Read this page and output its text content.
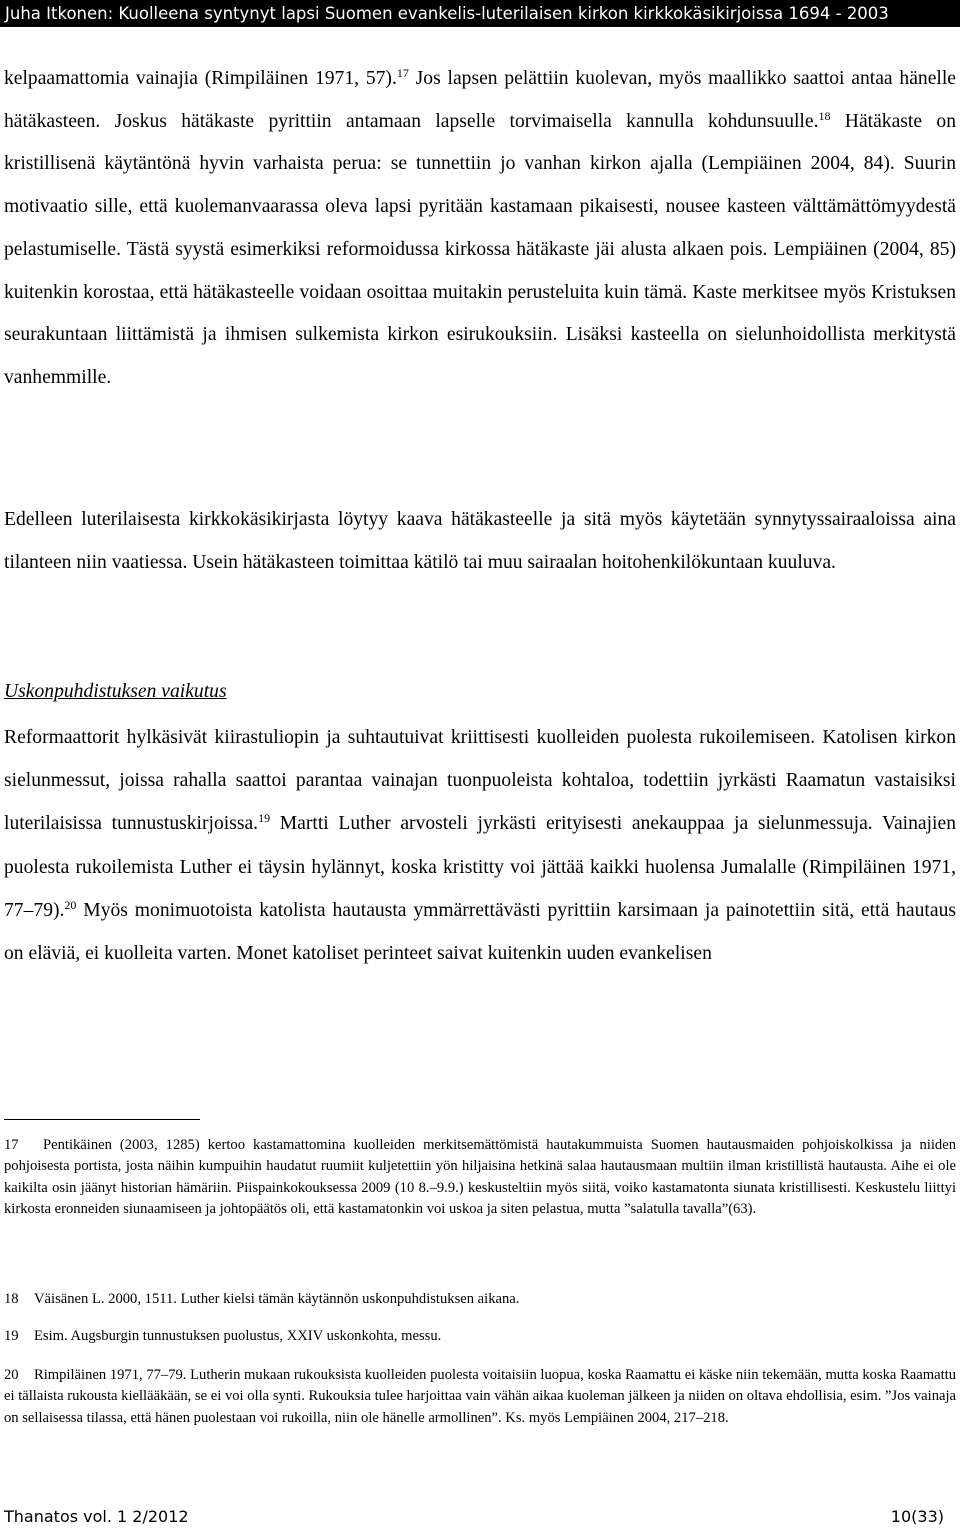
Juha Itkonen: Kuolleena syntynyt lapsi Suomen evankelis-luterilaisen kirkon kirkkokäsikirjoissa 1694 - 2003

kelpaamattomia vainajia (Rimpiläinen 1971, 57).$^{17}$ Jos lapsen pelättiin kuolevan, myös maallikko saattoi antaa hänelle hätäkasteen. Joskus hätäkaste pyrittiin antamaan lapselle torvimaisella kannulla kohdunsuulle.$^{18}$ Hätäkaste on kristillisenä käytäntönä hyvin varhaista perua: se tunnettiin jo vanhan kirkon ajalla (Lempiäinen 2004, 84). Suurin motivaatio sille, että kuolemanvaarassa oleva lapsi pyritään kastamaan pikaisesti, nousee kasteen välttämättömyydestä pelastumiselle. Tästä syystä esimerkiksi reformoidussa kirkossa hätäkaste jäi alusta alkaen pois. Lempiäinen (2004, 85) kuitenkin korostaa, että hätäkasteelle voidaan osoittaa muitakin perusteluita kuin tämä. Kaste merkitsee myös Kristuksen seurakuntaan liittämistä ja ihmisen sulkemista kirkon esirukouksiin. Lisäksi kasteella on sielunhoidollista merkitystä vanhemmille.

Edelleen luterilaisesta kirkkokäsikirjasta löytyy kaava hätäkasteelle ja sitä myös käytetään synnytyssairaaloissa aina tilanteen niin vaatiessa. Usein hätäkasteen toimittaa kätilö tai muu sairaalan hoitohenkilökuntaan kuuluva.

Uskonpuhdistuksen vaikutus

Reformaattorit hylkäsivät kiirastuliopin ja suhtautuivat kriittisesti kuolleiden puolesta rukoilemiseen. Katolisen kirkon sielunmessut, joissa rahalla saattoi parantaa vainajan tuonpuoleista kohtaloa, todettiin jyrkästi Raamatun vastaisiksi luterilaisissa tunnustuskirjoissa.$^{19}$ Martti Luther arvosteli jyrkästi erityisesti anekauppaa ja sielunmessuja. Vainajien puolesta rukoilemista Luther ei täysin hylännyt, koska kristitty voi jättää kaikki huolensa Jumalalle (Rimpiläinen 1971, 77–79).$^{20}$ Myös monimuotoista katolista hautausta ymmärrettävästi pyrittiin karsimaan ja painotettiin sitä, että hautaus on eläviä, ei kuolleita varten. Monet katoliset perinteet saivat kuitenkin uuden evankelisen

17 Pentikäinen (2003, 1285) kertoo kastamattomina kuolleiden merkitsemättömistä hautakummuista Suomen hautausmaiden pohjoiskolkissa ja niiden pohjoisesta portista, josta näihin kumpuihin haudatut ruumiit kuljetettiin yön hiljaisina hetkinä salaa hautausmaan multiin ilman kristillistä hautausta. Aihe ei ole kaikilta osin jäänyt historian hämäriin. Piispainkokouksessa 2009 (10 8.–9.9.) keskusteltiin myös siitä, voiko kastamatonta siunata kristillisesti. Keskustelu liittyi kirkosta eronneiden siunaamiseen ja johtopäätös oli, että kastamatonkin voi uskoa ja siten pelastua, mutta ”salatulla tavalla”(63).

18 Väisänen L. 2000, 1511. Luther kielsi tämän käytännön uskonpuhdistuksen aikana.

19 Esim. Augsburgin tunnustuksen puolustus, XXIV uskonkohta, messu.

20 Rimpiläinen 1971, 77–79. Lutherin mukaan rukouksista kuolleiden puolesta voitaisiin luopua, koska Raamattu ei käske niin tekemään, mutta koska Raamattu ei tällaista rukousta kiellääkään, se ei voi olla synti. Rukouksia tulee harjoittaa vain vähän aikaa kuoleman jälkeen ja niiden on oltava ehdollisia, esim. ”Jos vainaja on sellaisessa tilassa, että hänen puolestaan voi rukoilla, niin ole hänelle armollinen”. Ks. myös Lempiäinen 2004, 217–218.

Thanatos vol. 1 2/2012	10(33)
